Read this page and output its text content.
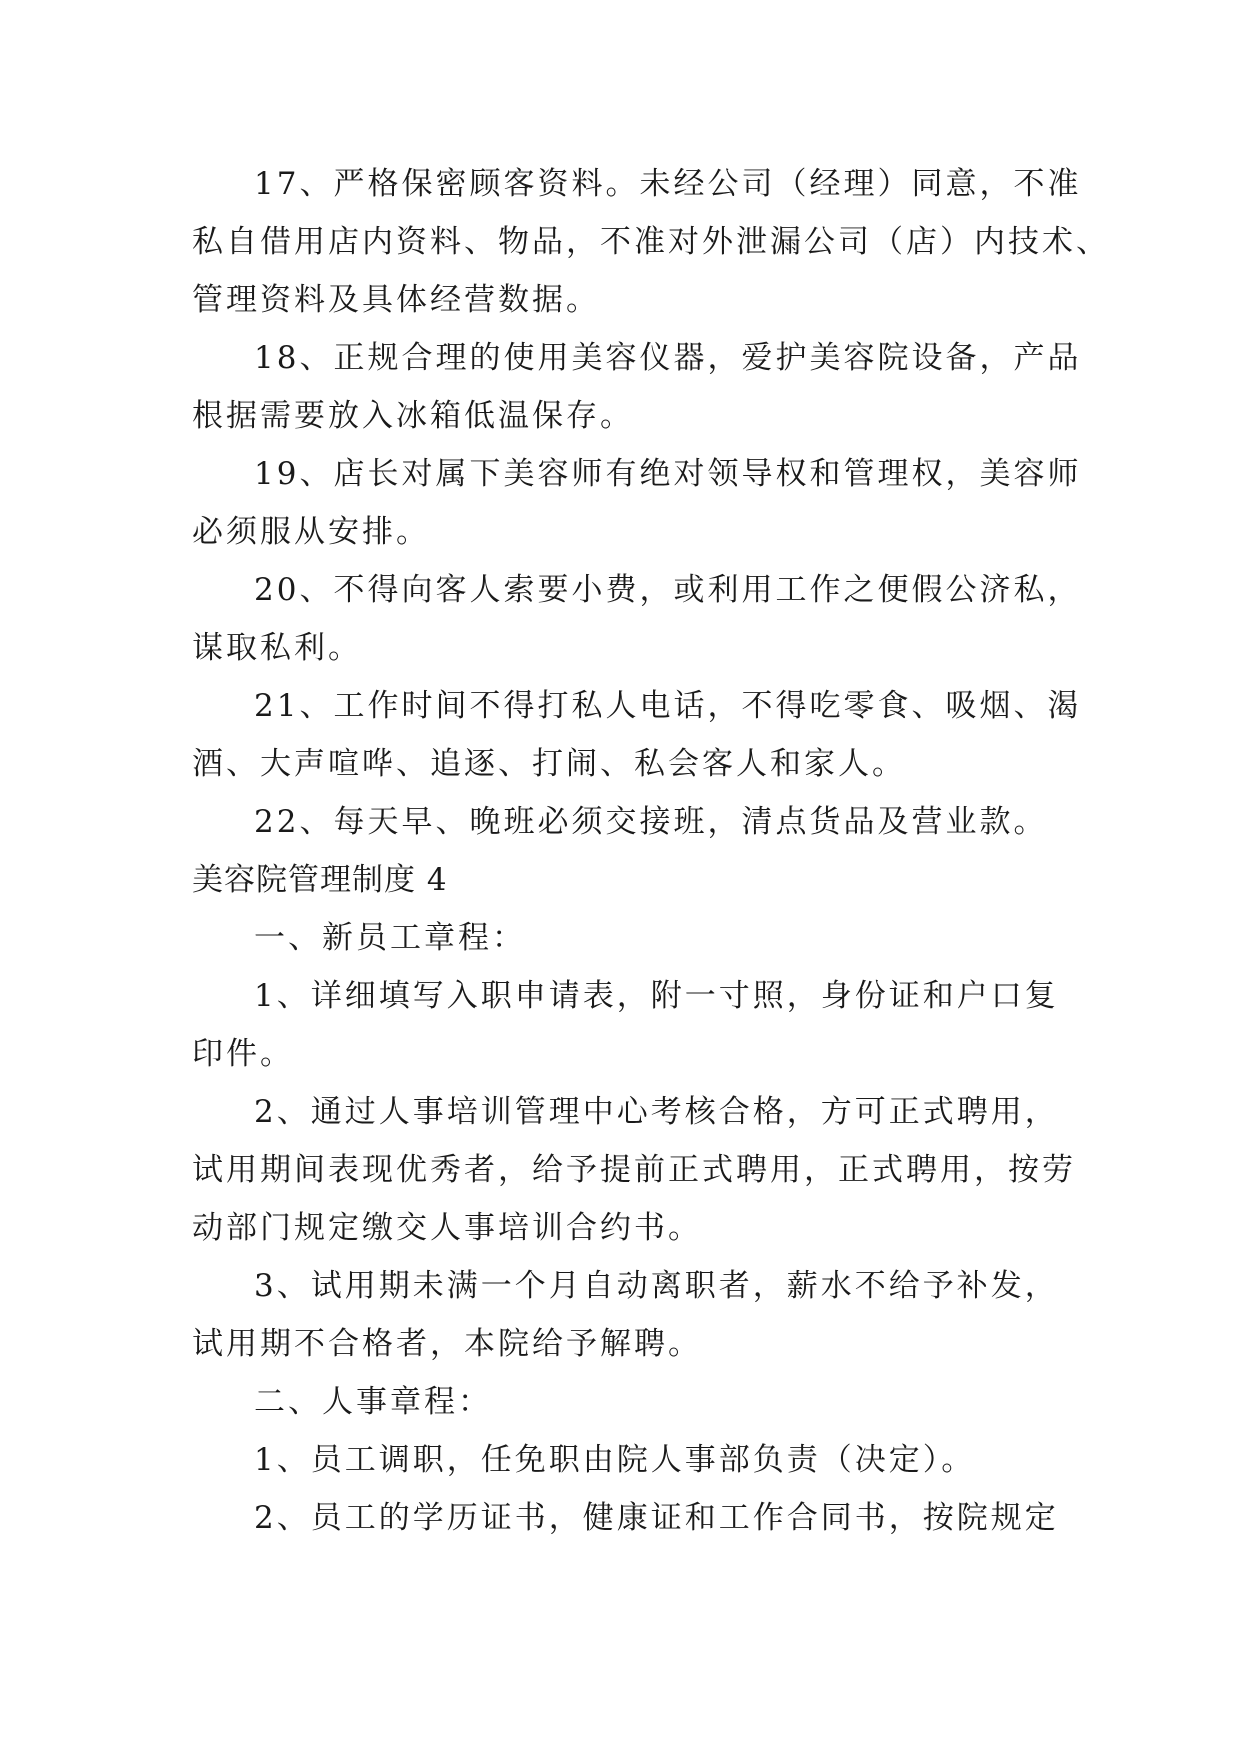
17、严格保密顾客资料。未经公司（经理）同意，不准
私自借用店内资料、物品，不准对外泄漏公司（店）内技术、
管理资料及具体经营数据。
18、正规合理的使用美容仪器，爱护美容院设备，产品
根据需要放入冰箱低温保存。
19、店长对属下美容师有绝对领导权和管理权，美容师
必须服从安排。
20、不得向客人索要小费，或利用工作之便假公济私，
谋取私利。
21、工作时间不得打私人电话，不得吃零食、吸烟、渴
酒、大声喧哗、追逐、打闹、私会客人和家人。
22、每天早、晚班必须交接班，清点货品及营业款。
美容院管理制度 4
一、新员工章程：
1、详细填写入职申请表，附一寸照，身份证和户口复
印件。
2、通过人事培训管理中心考核合格，方可正式聘用，
试用期间表现优秀者，给予提前正式聘用，正式聘用，按劳
动部门规定缴交人事培训合约书。
3、试用期未满一个月自动离职者，薪水不给予补发，
试用期不合格者，本院给予解聘。
二、人事章程：
1、员工调职，任免职由院人事部负责（决定）。
2、员工的学历证书，健康证和工作合同书，按院规定
